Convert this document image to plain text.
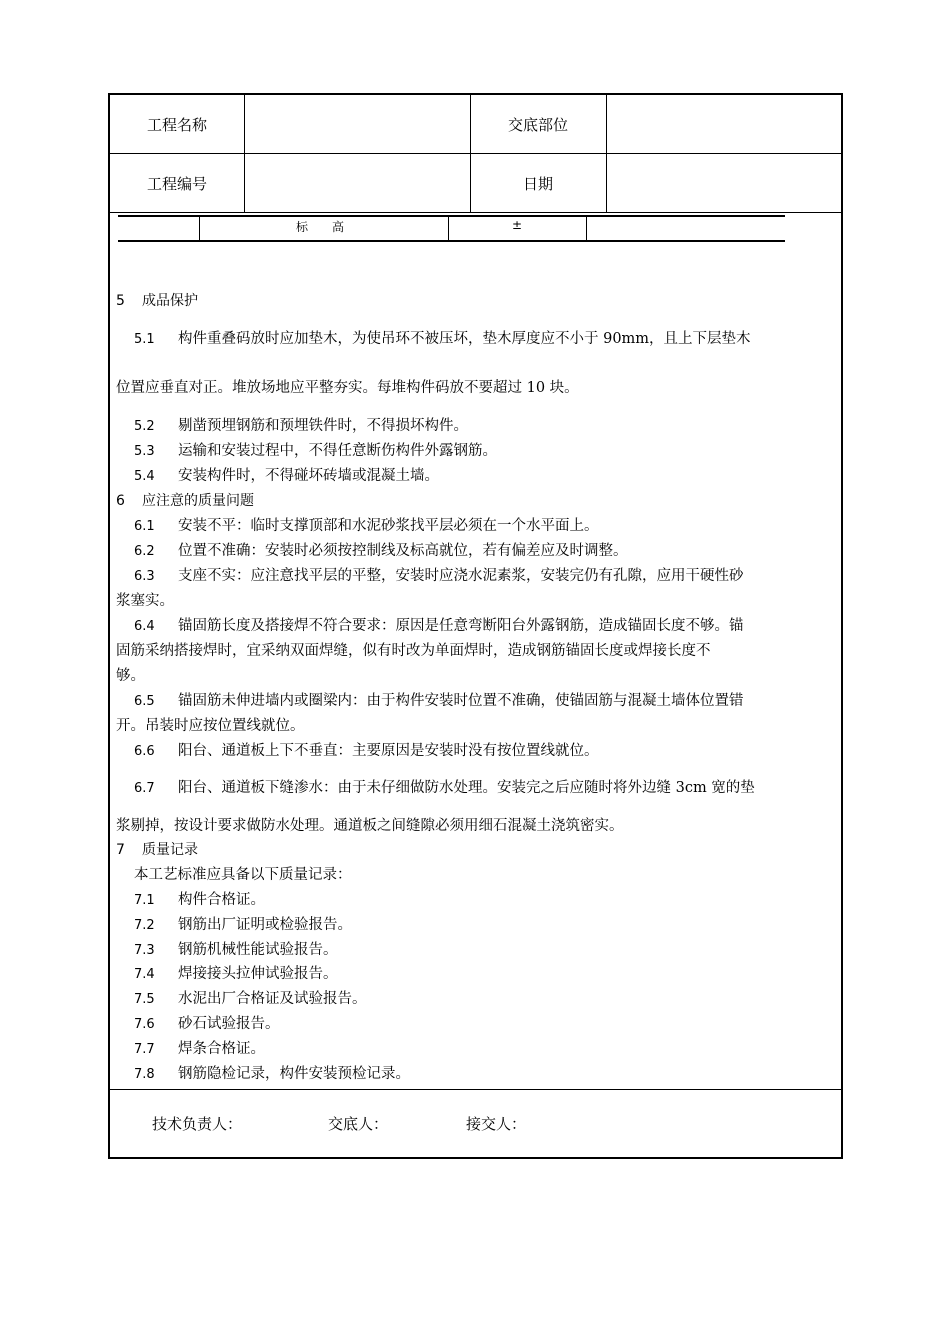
工程名称	交底部位
工程编号	日期
标　　高	±
5 成品保护
5.1 构件重叠码放时应加垫木，为使吊环不被压坏，垫木厚度应不小于 90mm，且上下层垫木
位置应垂直对正。堆放场地应平整夯实。每堆构件码放不要超过 10 块。
5.2 剔凿预埋钢筋和预埋铁件时，不得损坏构件。
5.3 运输和安装过程中，不得任意断伤构件外露钢筋。
5.4 安装构件时，不得碰坏砖墙或混凝土墙。
6 应注意的质量问题
6.1 安装不平：临时支撑顶部和水泥砂浆找平层必须在一个水平面上。
6.2 位置不准确：安装时必须按控制线及标高就位，若有偏差应及时调整。
6.3 支座不实：应注意找平层的平整，安装时应浇水泥素浆，安装完仍有孔隙，应用干硬性砂
浆塞实。
6.4 锚固筋长度及搭接焊不符合要求：原因是任意弯断阳台外露钢筋，造成锚固长度不够。锚
固筋采纳搭接焊时，宜采纳双面焊缝，似有时改为单面焊时，造成钢筋锚固长度或焊接长度不
够。
6.5 锚固筋未伸进墙内或圈梁内：由于构件安装时位置不准确，使锚固筋与混凝土墙体位置错
开。吊装时应按位置线就位。
6.6 阳台、通道板上下不垂直：主要原因是安装时没有按位置线就位。
6.7 阳台、通道板下缝渗水：由于未仔细做防水处理。安装完之后应随时将外边缝 3cm 宽的垫
浆剔掉，按设计要求做防水处理。通道板之间缝隙必须用细石混凝土浇筑密实。
7 质量记录
本工艺标准应具备以下质量记录：
7.1 构件合格证。
7.2 钢筋出厂证明或检验报告。
7.3 钢筋机械性能试验报告。
7.4 焊接接头拉伸试验报告。
7.5 水泥出厂合格证及试验报告。
7.6 砂石试验报告。
7.7 焊条合格证。
7.8 钢筋隐检记录，构件安装预检记录。
技术负责人：	交底人：	接交人：
